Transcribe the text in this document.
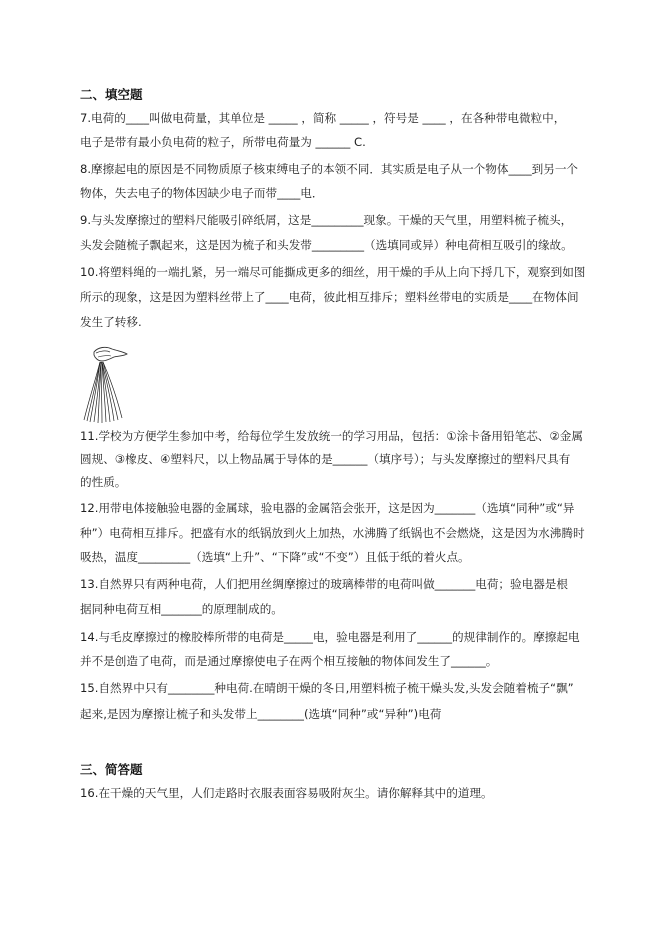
二、填空题
7.电荷的____叫做电荷量，其单位是 _____ ，简称 _____ ，符号是 ____ ，在各种带电微粒中，
电子是带有最小负电荷的粒子，所带电荷量为 ______ C.
8.摩擦起电的原因是不同物质原子核束缚电子的本领不同．其实质是电子从一个物体____到另一个
物体，失去电子的物体因缺少电子而带____电．
9.与头发摩擦过的塑料尺能吸引碎纸屑，这是_________现象。干燥的天气里，用塑料梳子梳头，
头发会随梳子飘起来，这是因为梳子和头发带_________（选填同或异）种电荷相互吸引的缘故。
10.将塑料绳的一端扎紧，另一端尽可能撕成更多的细丝，用干燥的手从上向下捋几下，观察到如图
所示的现象，这是因为塑料丝带上了____电荷，彼此相互排斥；塑料丝带电的实质是____在物体间
发生了转移.
11.学校为方便学生参加中考，给每位学生发放统一的学习用品，包括：①涂卡备用铅笔芯、②金属
圆规、③橡皮、④塑料尺，以上物品属于导体的是______（填序号）；与头发摩擦过的塑料尺具有
的性质。
12.用带电体接触验电器的金属球，验电器的金属箔会张开，这是因为_______（选填“同种”或“异
种”）电荷相互排斥。把盛有水的纸锅放到火上加热，水沸腾了纸锅也不会燃烧，这是因为水沸腾时
吸热，温度_________（选填“上升”、“下降”或“不变”）且低于纸的着火点。
13.自然界只有两种电荷，人们把用丝绸摩擦过的玻璃棒带的电荷叫做_______电荷；验电器是根
据同种电荷互相_______的原理制成的。
14.与毛皮摩擦过的橡胶棒所带的电荷是_____电，验电器是利用了______的规律制作的。摩擦起电
并不是创造了电荷，而是通过摩擦使电子在两个相互接触的物体间发生了______。
15.自然界中只有________种电荷.在晴朗干燥的冬日,用塑料梳子梳干燥头发,头发会随着梳子“飘”
起来,是因为摩擦让梳子和头发带上________(选填“同种”或“异种”)电荷
三、简答题
16.在干燥的天气里，人们走路时衣服表面容易吸附灰尘。请你解释其中的道理。
